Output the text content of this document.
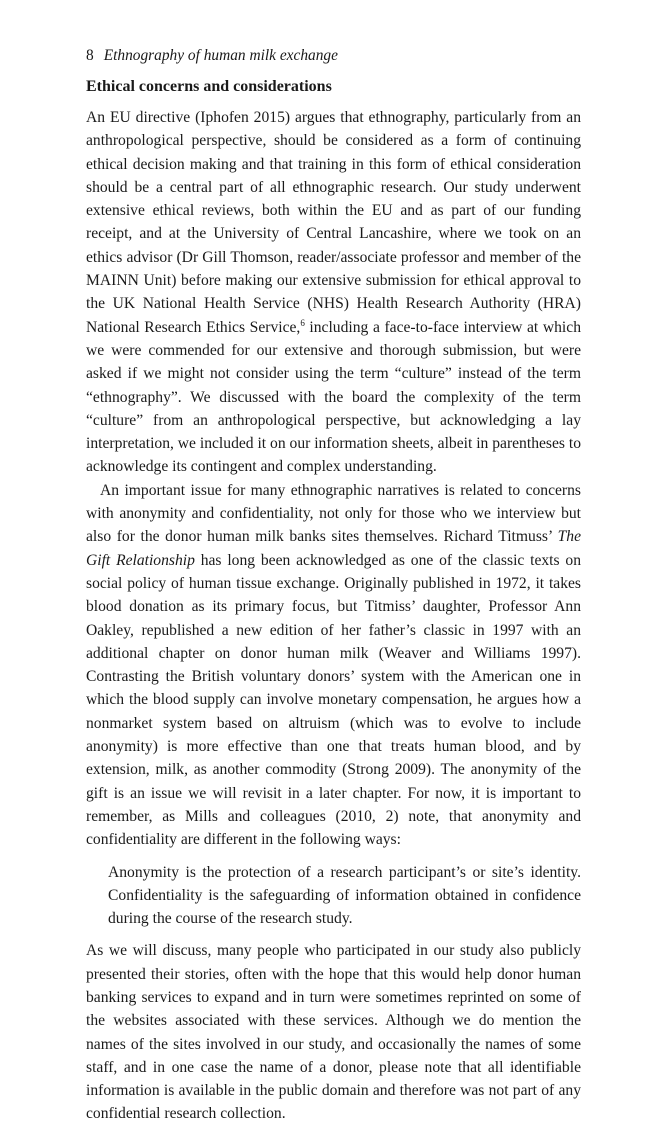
8 Ethnography of human milk exchange
Ethical concerns and considerations

An EU directive (Iphofen 2015) argues that ethnography, particularly from an anthropological perspective, should be considered as a form of continuing ethical decision making and that training in this form of ethical consideration should be a central part of all ethnographic research. Our study underwent extensive ethical reviews, both within the EU and as part of our funding receipt, and at the University of Central Lancashire, where we took on an ethics advisor (Dr Gill Thomson, reader/associate professor and member of the MAINN Unit) before making our extensive submission for ethical approval to the UK National Health Service (NHS) Health Research Authority (HRA) National Research Ethics Service,$^6$ including a face-to-face interview at which we were commended for our extensive and thorough submission, but were asked if we might not consider using the term “culture” instead of the term “ethnography”. We discussed with the board the complexity of the term “culture” from an anthropological perspective, but acknowledging a lay interpretation, we included it on our information sheets, albeit in parentheses to acknowledge its contingent and complex understanding.

An important issue for many ethnographic narratives is related to concerns with anonymity and confidentiality, not only for those who we interview but also for the donor human milk banks sites themselves. Richard Titmuss’ The Gift Relationship has long been acknowledged as one of the classic texts on social policy of human tissue exchange. Originally published in 1972, it takes blood donation as its primary focus, but Titmiss’ daughter, Professor Ann Oakley, republished a new edition of her father’s classic in 1997 with an additional chapter on donor human milk (Weaver and Williams 1997). Contrasting the British voluntary donors’ system with the American one in which the blood supply can involve monetary compensation, he argues how a nonmarket system based on altruism (which was to evolve to include anonymity) is more effective than one that treats human blood, and by extension, milk, as another commodity (Strong 2009). The anonymity of the gift is an issue we will revisit in a later chapter. For now, it is important to remember, as Mills and colleagues (2010, 2) note, that anonymity and confidentiality are different in the following ways:

Anonymity is the protection of a research participant’s or site’s identity. Confidentiality is the safeguarding of information obtained in confidence during the course of the research study.

As we will discuss, many people who participated in our study also publicly presented their stories, often with the hope that this would help donor human banking services to expand and in turn were sometimes reprinted on some of the websites associated with these services. Although we do mention the names of the sites involved in our study, and occasionally the names of some staff, and in one case the name of a donor, please note that all identifiable information is available in the public domain and therefore was not part of any confidential research collection.
